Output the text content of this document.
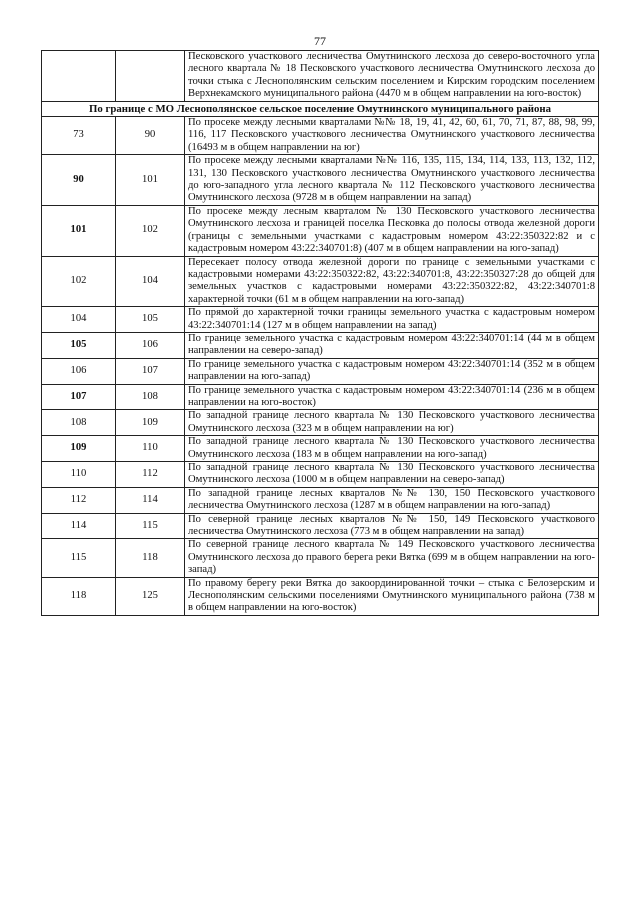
77
		Песковского участкового лесничества Омутнинского лесхоза до северо-восточного угла лесного квартала № 18 Песковского участкового лесничества Омутнинского лесхоза до точки стыка с Леснополянским сельским поселением и Кирским городским поселением Верхнекамского муниципального района (4470 м в общем направлении на юго-восток)
По границе с МО Леснополянское сельское поселение Омутнинского муниципального района		
73	90	По просеке между лесными кварталами №№ 18, 19, 41, 42, 60, 61, 70, 71, 87, 88, 98, 99, 116, 117 Песковского участкового лесничества Омутнинского участкового лесничества (16493 м в общем направлении на юг)
90	101	По просеке между лесными кварталами №№ 116, 135, 115, 134, 114, 133, 113, 132, 112, 131, 130 Песковского участкового лесничества Омутнинского участкового лесничества до юго-западного угла лесного квартала № 112 Песковского участкового лесничества Омутнинского лесхоза (9728 м в общем направлении на запад)
101	102	По просеке между лесным кварталом № 130 Песковского участкового лесничества Омутнинского лесхоза и границей поселка Песковка до полосы отвода железной дороги (границы с земельными участками с кадастровым номером 43:22:350322:82 и с кадастровым номером 43:22:340701:8) (407 м в общем направлении на юго-запад)
102	104	Пересекает полосу отвода железной дороги по границе с земельными участками с кадастровыми номерами 43:22:350322:82, 43:22:340701:8, 43:22:350327:28 до общей для земельных участков с кадастровыми номерами 43:22:350322:82, 43:22:340701:8 характерной точки (61 м в общем направлении на юго-запад)
104	105	По прямой до характерной точки границы земельного участка с кадастровым номером 43:22:340701:14 (127 м в общем направлении на запад)
105	106	По границе земельного участка с кадастровым номером 43:22:340701:14 (44 м в общем направлении на северо-запад)
106	107	По границе земельного участка с кадастровым номером 43:22:340701:14 (352 м в общем направлении на юго-запад)
107	108	По границе земельного участка с кадастровым номером 43:22:340701:14 (236 м в общем направлении на юго-восток)
108	109	По западной границе лесного квартала № 130 Песковского участкового лесничества Омутнинского лесхоза (323 м в общем направлении на юг)
109	110	По западной границе лесного квартала № 130 Песковского участкового лесничества Омутнинского лесхоза (183 м в общем направлении на юго-запад)
110	112	По западной границе лесного квартала № 130 Песковского участкового лесничества Омутнинского лесхоза (1000 м в общем направлении на северо-запад)
112	114	По западной границе лесных кварталов №№ 130, 150 Песковского участкового лесничества Омутнинского лесхоза (1287 м в общем направлении на юго-запад)
114	115	По северной границе лесных кварталов №№ 150, 149 Песковского участкового лесничества Омутнинского лесхоза (773 м в общем направлении на запад)
115	118	По северной границе лесного квартала № 149 Песковского участкового лесничества Омутнинского лесхоза до правого берега реки Вятка (699 м в общем направлении на юго-запад)
118	125	По правому берегу реки Вятка до закоординированной точки – стыка с Белозерским и Леснополянским сельскими поселениями Омутнинского муниципального района (738 м в общем направлении на юго-восток)
